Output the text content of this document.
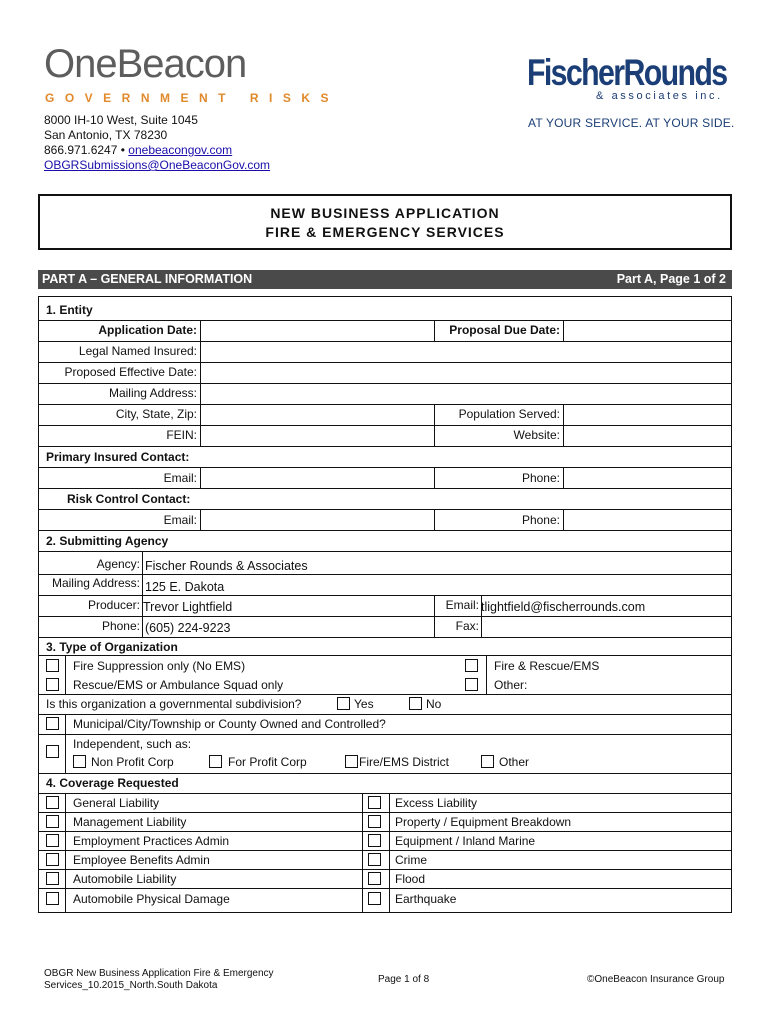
OneBeacon
GOVERNMENT RISKS
FischerRounds
& associates inc.
AT YOUR SERVICE. AT YOUR SIDE.
8000 IH-10 West, Suite 1045
San Antonio, TX 78230
866.971.6247 • onebeacongov.com
OBGRSubmissions@OneBeaconGov.com
NEW BUSINESS APPLICATION
FIRE & EMERGENCY SERVICES
PART A – GENERAL INFORMATION	Part A, Page 1 of 2
1. Entity
Application Date:	Proposal Due Date:
Legal Named Insured:
Proposed Effective Date:
Mailing Address:
City, State, Zip:	Population Served:
FEIN:	Website:
Primary Insured Contact:
Email:	Phone:
Risk Control Contact:
Email:	Phone:
2. Submitting Agency
Agency: Fischer Rounds & Associates
Mailing Address: 125 E. Dakota
Producer: Trevor Lightfield	Email: tlightfield@fischerrounds.com
Phone: (605) 224-9223	Fax:
3. Type of Organization
Fire Suppression only (No EMS)	Fire & Rescue/EMS
Rescue/EMS or Ambulance Squad only	Other:
Is this organization a governmental subdivision?	Yes	No
Municipal/City/Township or County Owned and Controlled?
Independent, such as:
Non Profit Corp	For Profit Corp	Fire/EMS District	Other
4. Coverage Requested
General Liability	Excess Liability
Management Liability	Property / Equipment Breakdown
Employment Practices Admin	Equipment / Inland Marine
Employee Benefits Admin	Crime
Automobile Liability	Flood
Automobile Physical Damage	Earthquake
OBGR New Business Application Fire & Emergency
Services_10.2015_North.South Dakota
Page 1 of 8	©OneBeacon Insurance Group
